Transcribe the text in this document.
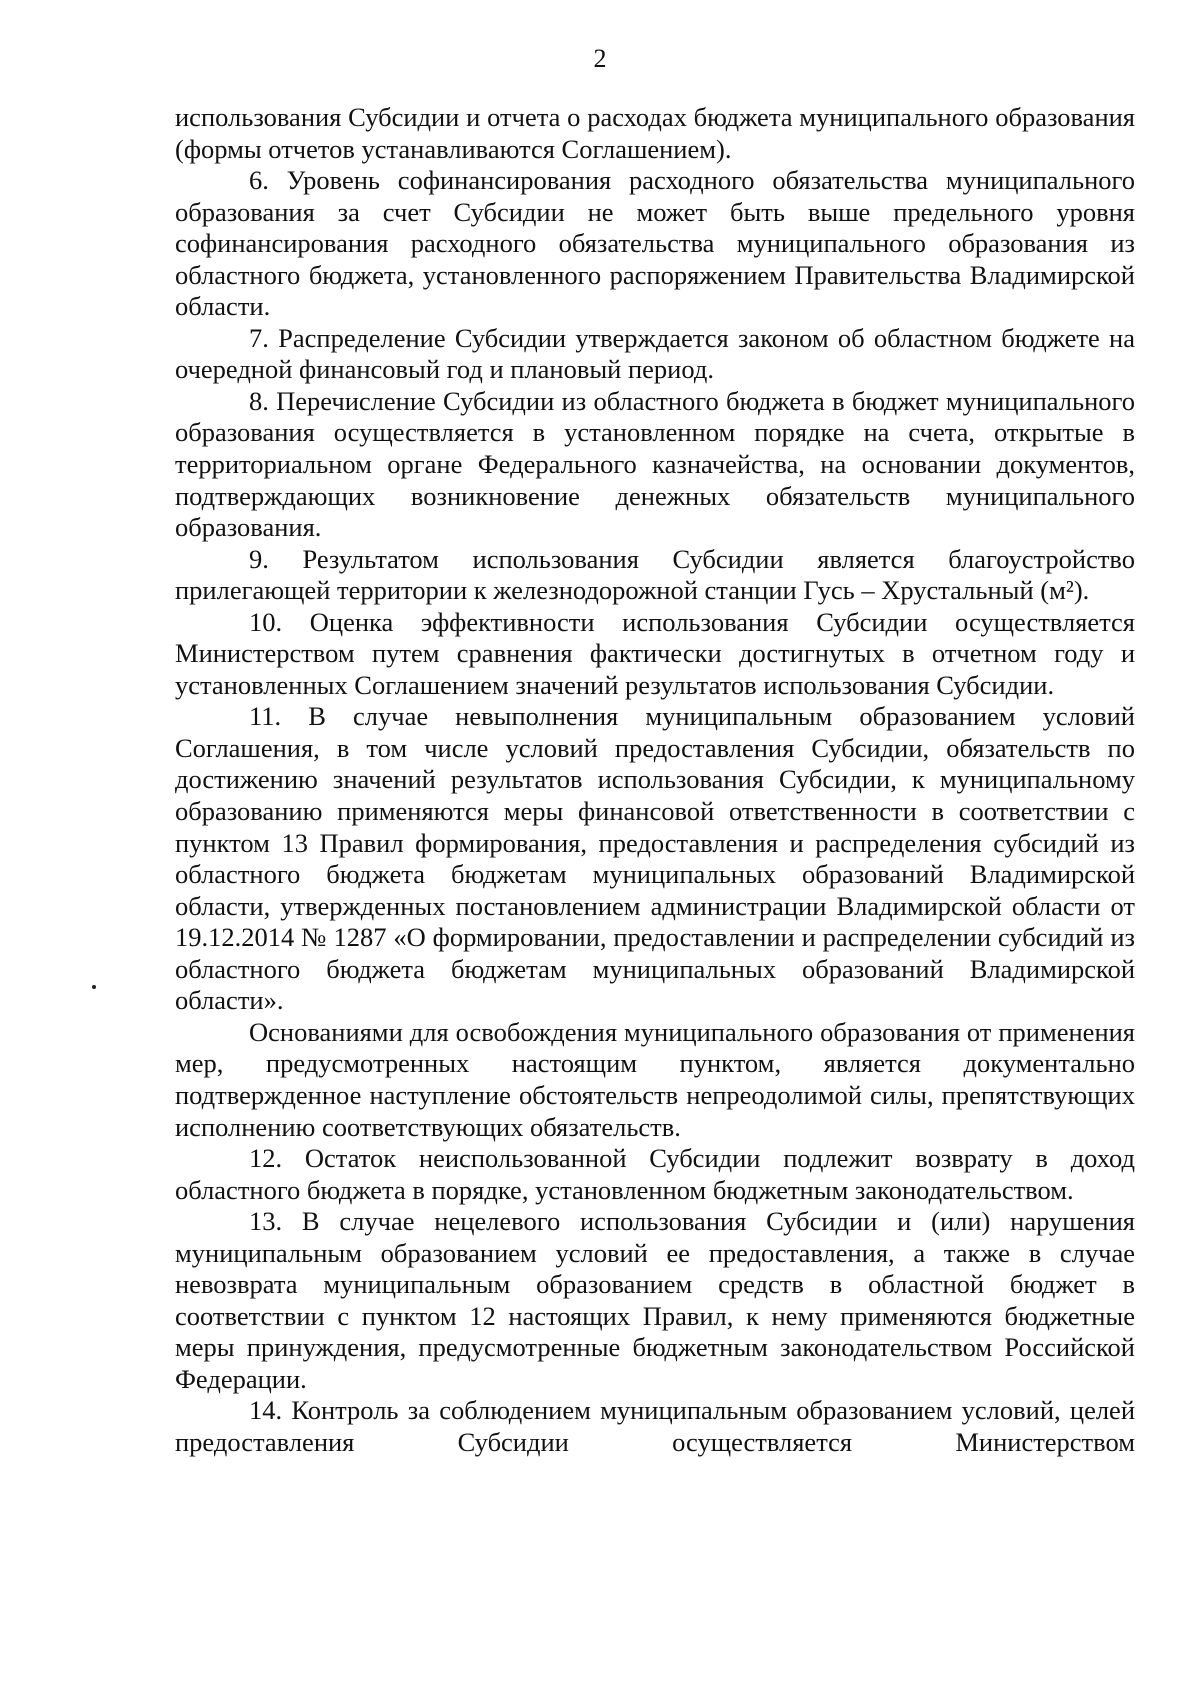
2

использования Субсидии и отчета о расходах бюджета муниципального образования (формы отчетов устанавливаются Соглашением).

6. Уровень софинансирования расходного обязательства муниципального образования за счет Субсидии не может быть выше предельного уровня софинансирования расходного обязательства муниципального образования из областного бюджета, установленного распоряжением Правительства Владимирской области.

7. Распределение Субсидии утверждается законом об областном бюджете на очередной финансовый год и плановый период.

8. Перечисление Субсидии из областного бюджета в бюджет муниципального образования осуществляется в установленном порядке на счета, открытые в территориальном органе Федерального казначейства, на основании документов, подтверждающих возникновение денежных обязательств муниципального образования.

9. Результатом использования Субсидии является благоустройство прилегающей территории к железнодорожной станции Гусь – Хрустальный (м²).

10. Оценка эффективности использования Субсидии осуществляется Министерством путем сравнения фактически достигнутых в отчетном году и установленных Соглашением значений результатов использования Субсидии.

11. В случае невыполнения муниципальным образованием условий Соглашения, в том числе условий предоставления Субсидии, обязательств по достижению значений результатов использования Субсидии, к муниципальному образованию применяются меры финансовой ответственности в соответствии с пунктом 13 Правил формирования, предоставления и распределения субсидий из областного бюджета бюджетам муниципальных образований Владимирской области, утвержденных постановлением администрации Владимирской области от 19.12.2014 № 1287 «О формировании, предоставлении и распределении субсидий из областного бюджета бюджетам муниципальных образований Владимирской области».

Основаниями для освобождения муниципального образования от применения мер, предусмотренных настоящим пунктом, является документально подтвержденное наступление обстоятельств непреодолимой силы, препятствующих исполнению соответствующих обязательств.

12. Остаток неиспользованной Субсидии подлежит возврату в доход областного бюджета в порядке, установленном бюджетным законодательством.

13. В случае нецелевого использования Субсидии и (или) нарушения муниципальным образованием условий ее предоставления, а также в случае невозврата муниципальным образованием средств в областной бюджет в соответствии с пунктом 12 настоящих Правил, к нему применяются бюджетные меры принуждения, предусмотренные бюджетным законодательством Российской Федерации.

14. Контроль за соблюдением муниципальным образованием условий, целей предоставления Субсидии осуществляется Министерством
